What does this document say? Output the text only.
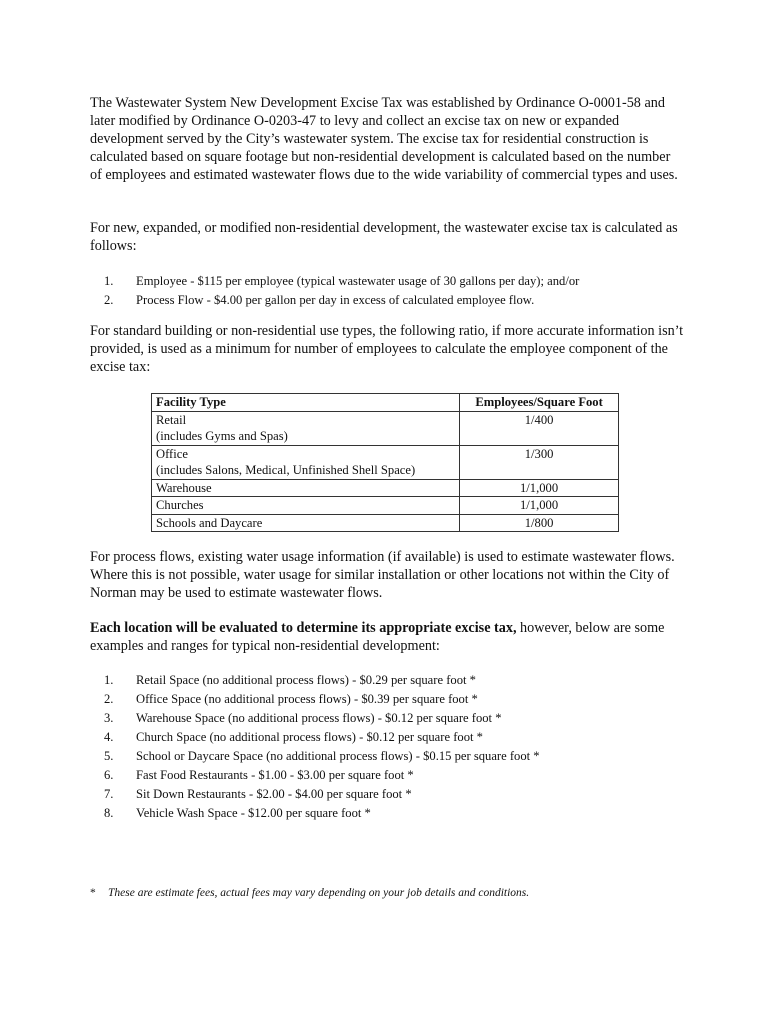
The Wastewater System New Development Excise Tax was established by Ordinance O-0001-58 and later modified by Ordinance O-0203-47 to levy and collect an excise tax on new or expanded development served by the City’s wastewater system. The excise tax for residential construction is calculated based on square footage but non-residential development is calculated based on the number of employees and estimated wastewater flows due to the wide variability of commercial types and uses.

For new, expanded, or modified non-residential development, the wastewater excise tax is calculated as follows:

1.	Employee - $115 per employee (typical wastewater usage of 30 gallons per day); and/or
2.	Process Flow - $4.00 per gallon per day in excess of calculated employee flow.

For standard building or non-residential use types, the following ratio, if more accurate information isn’t provided, is used as a minimum for number of employees to calculate the employee component of the excise tax:

Facility Type	Employees/Square Foot

Retail
(includes Gyms and Spas)	1/400

Office
(includes Salons, Medical, Unfinished Shell Space)	1/300
Warehouse	1/1,000
Churches	1/1,000
Schools and Daycare	1/800

For process flows, existing water usage information (if available) is used to estimate wastewater flows. Where this is not possible, water usage for similar installation or other locations not within the City of Norman may be used to estimate wastewater flows.

Each location will be evaluated to determine its appropriate excise tax, however, below are some examples and ranges for typical non-residential development:

1.	Retail Space (no additional process flows) - $0.29 per square foot *
2.	Office Space (no additional process flows) - $0.39 per square foot *
3.	Warehouse Space (no additional process flows) - $0.12 per square foot *
4.	Church Space (no additional process flows) - $0.12 per square foot *
5.	School or Daycare Space (no additional process flows) - $0.15 per square foot *
6.	Fast Food Restaurants - $1.00 - $3.00 per square foot *
7.	Sit Down Restaurants - $2.00 - $4.00 per square foot *
8.	Vehicle Wash Space - $12.00 per square foot *

* These are estimate fees, actual fees may vary depending on your job details and conditions.
